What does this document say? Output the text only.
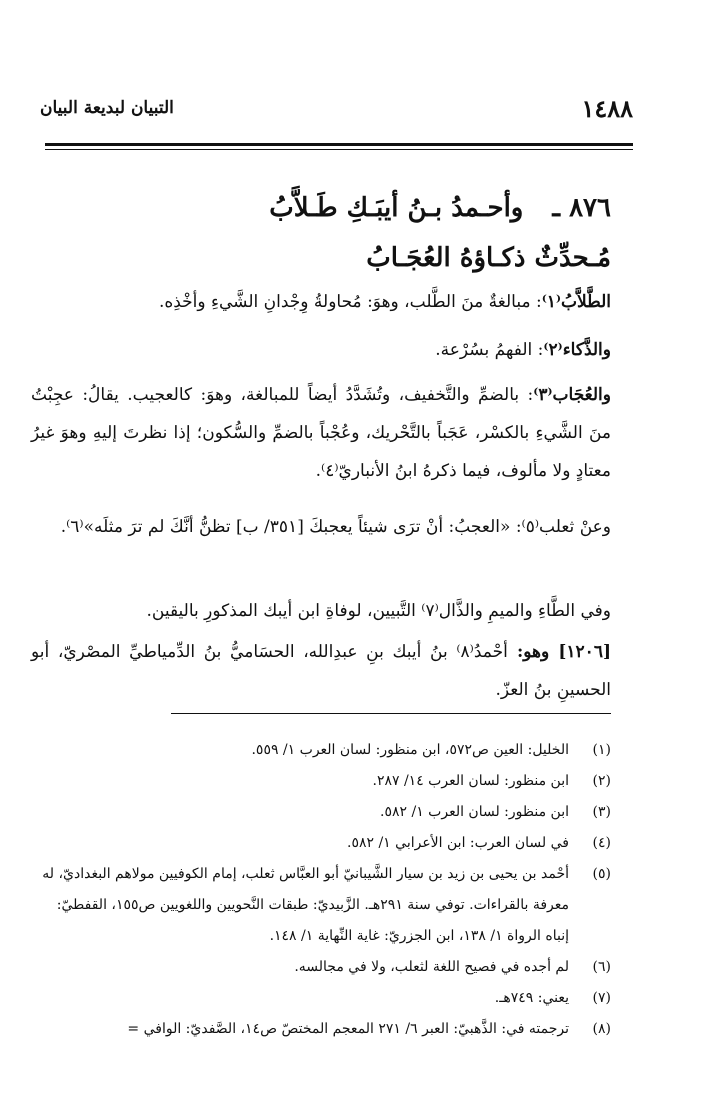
١٤٨٨
التبيان لبديعة البيان
٨٧٦ ـ وأحـمدُ بـنُ أيبَـكِ طَـلاَّبُ
مُـحدِّثٌ ذكـاؤهُ العُجَـابُ
الطَّلاَّبُ⁽١⁾: مبالغةٌ منَ الطَّلب، وهوَ: مُحاولةُ وِجْدانِ الشَّيءِ وأخْذِه.
والذَّكاء⁽٢⁾: الفهمُ بسُرْعة.
والعُجَاب⁽٣⁾: بالضمِّ والتَّخفيف، وتُشَدَّدُ أيضاً للمبالغة، وهوَ: كالعجيب. يقالُ: عجِبْتُ منَ الشَّيءِ بالكسْر، عَجَباً بالتَّحْريك، وعُجْباً بالضمِّ والسُّكون؛ إذا نظرتَ إليهِ وهوَ غيرُ معتادٍ ولا مألوف، فيما ذكرهُ ابنُ الأنباريّ⁽٤⁾.
وعنْ ثعلب⁽٥⁾: «العجبُ: أنْ ترَى شيئاً يعجبكَ [٣٥١/ ب] تظنُّ أنَّكَ لم ترَ مثلَه»⁽٦⁾.
وفي الطَّاءِ والميمِ والذَّال⁽٧⁾ التَّبيين، لوفاةِ ابن أيبك المذكورِ باليقين.
[١٢٠٦] وهو: أحْمدُ⁽٨⁾ بنُ أيبك بنِ عبدِالله، الحسَاميُّ بنُ الدِّمياطيِّ المصْريّ، أبو الحسينِ بنُ العزّ.
(١)
الخليل: العين ص٥٧٢، ابن منظور: لسان العرب ١/ ٥٥٩.
(٢)
ابن منظور: لسان العرب ١٤/ ٢٨٧.
(٣)
ابن منظور: لسان العرب ١/ ٥٨٢.
(٤)
في لسان العرب: ابن الأعرابي ١/ ٥٨٢.
(٥)
أحْمد بن يحيى بن زيد بن سيار الشَّيبانيّ أبو العبَّاس ثعلب، إمام الكوفيين مولاهم البغداديّ، له معرفة بالقراءات. توفي سنة ٢٩١هـ. الزَّبيديّ: طبقات النَّحويين واللغويين ص١٥٥، القفطيّ: إنباه الرواة ١/ ١٣٨، ابن الجزريّ: غاية النِّهاية ١/ ١٤٨.
(٦)
لم أجده في فصيح اللغة لثعلب، ولا في مجالسه.
(٧)
يعني: ٧٤٩هـ.
(٨)
ترجمته في: الذَّهبيّ: العبر ٦/ ٢٧١ المعجم المختصّ ص١٤، الصَّفديّ: الوافي =
